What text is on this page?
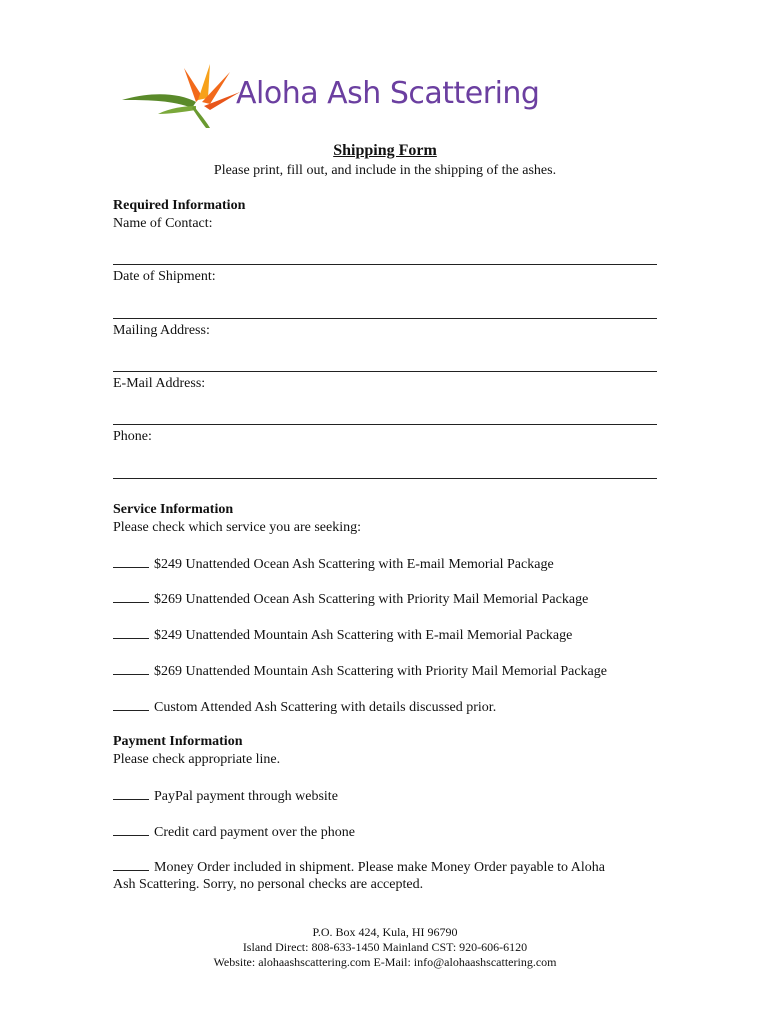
Aloha Ash Scattering
Shipping Form
Please print, fill out, and include in the shipping of the ashes.
Required Information
Name of Contact:
Date of Shipment:
Mailing Address:
E-Mail Address:
Phone:
Service Information
Please check which service you are seeking:
$249 Unattended Ocean Ash Scattering with E-mail Memorial Package
$269 Unattended Ocean Ash Scattering with Priority Mail Memorial Package
$249 Unattended Mountain Ash Scattering with E-mail Memorial Package
$269 Unattended Mountain Ash Scattering with Priority Mail Memorial Package
Custom Attended Ash Scattering with details discussed prior.
Payment Information
Please check appropriate line.
PayPal payment through website
Credit card payment over the phone
Money Order included in shipment. Please make Money Order payable to Aloha
Ash Scattering. Sorry, no personal checks are accepted.
P.O. Box 424, Kula, HI 96790
Island Direct: 808-633-1450 Mainland CST: 920-606-6120
Website: alohaashscattering.com E-Mail: info@alohaashscattering.com
